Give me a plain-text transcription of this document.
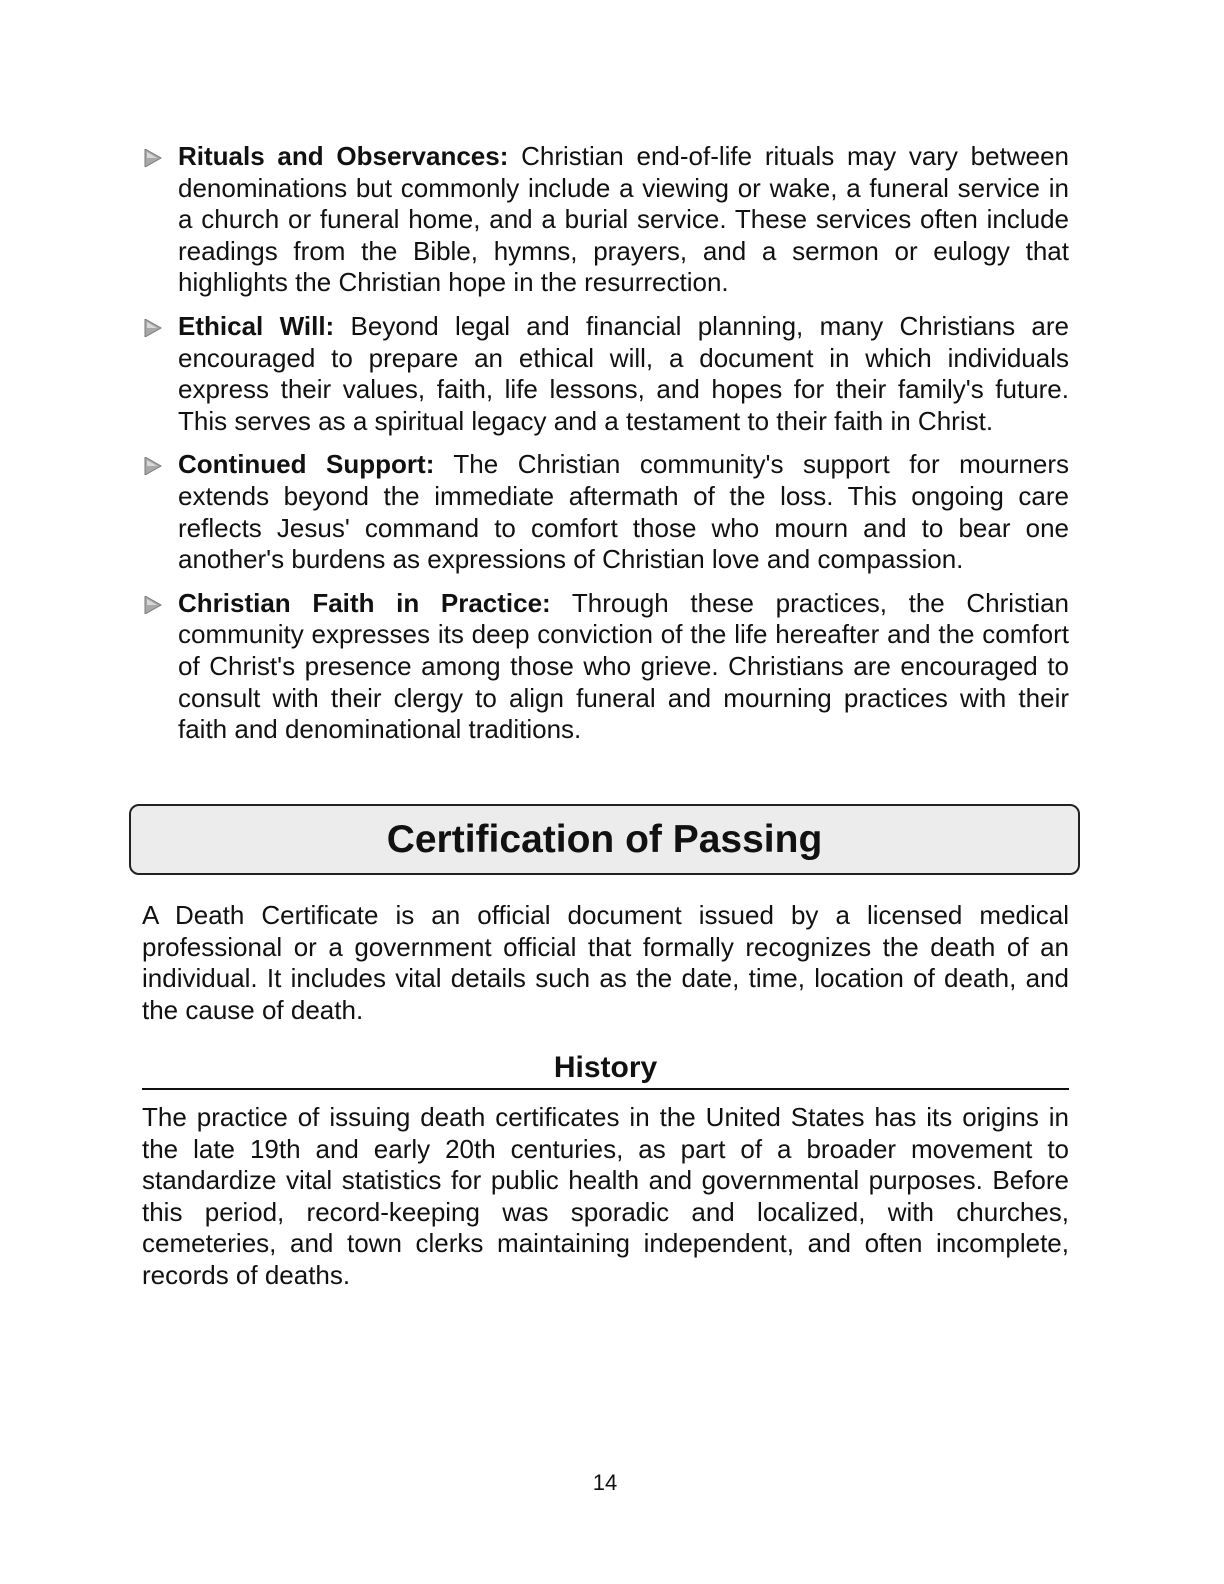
Rituals and Observances: Christian end-of-life rituals may vary between denominations but commonly include a viewing or wake, a funeral service in a church or funeral home, and a burial service. These services often include readings from the Bible, hymns, prayers, and a sermon or eulogy that highlights the Christian hope in the resurrection.
Ethical Will: Beyond legal and financial planning, many Christians are encouraged to prepare an ethical will, a document in which individuals express their values, faith, life lessons, and hopes for their family's future. This serves as a spiritual legacy and a testament to their faith in Christ.
Continued Support: The Christian community's support for mourners extends beyond the immediate aftermath of the loss. This ongoing care reflects Jesus' command to comfort those who mourn and to bear one another's burdens as expressions of Christian love and compassion.
Christian Faith in Practice: Through these practices, the Christian community expresses its deep conviction of the life hereafter and the comfort of Christ's presence among those who grieve. Christians are encouraged to consult with their clergy to align funeral and mourning practices with their faith and denominational traditions.
Certification of Passing

A Death Certificate is an official document issued by a licensed medical professional or a government official that formally recognizes the death of an individual. It includes vital details such as the date, time, location of death, and the cause of death.

History

The practice of issuing death certificates in the United States has its origins in the late 19th and early 20th centuries, as part of a broader movement to standardize vital statistics for public health and governmental purposes. Before this period, record-keeping was sporadic and localized, with churches, cemeteries, and town clerks maintaining independent, and often incomplete, records of deaths.

14
